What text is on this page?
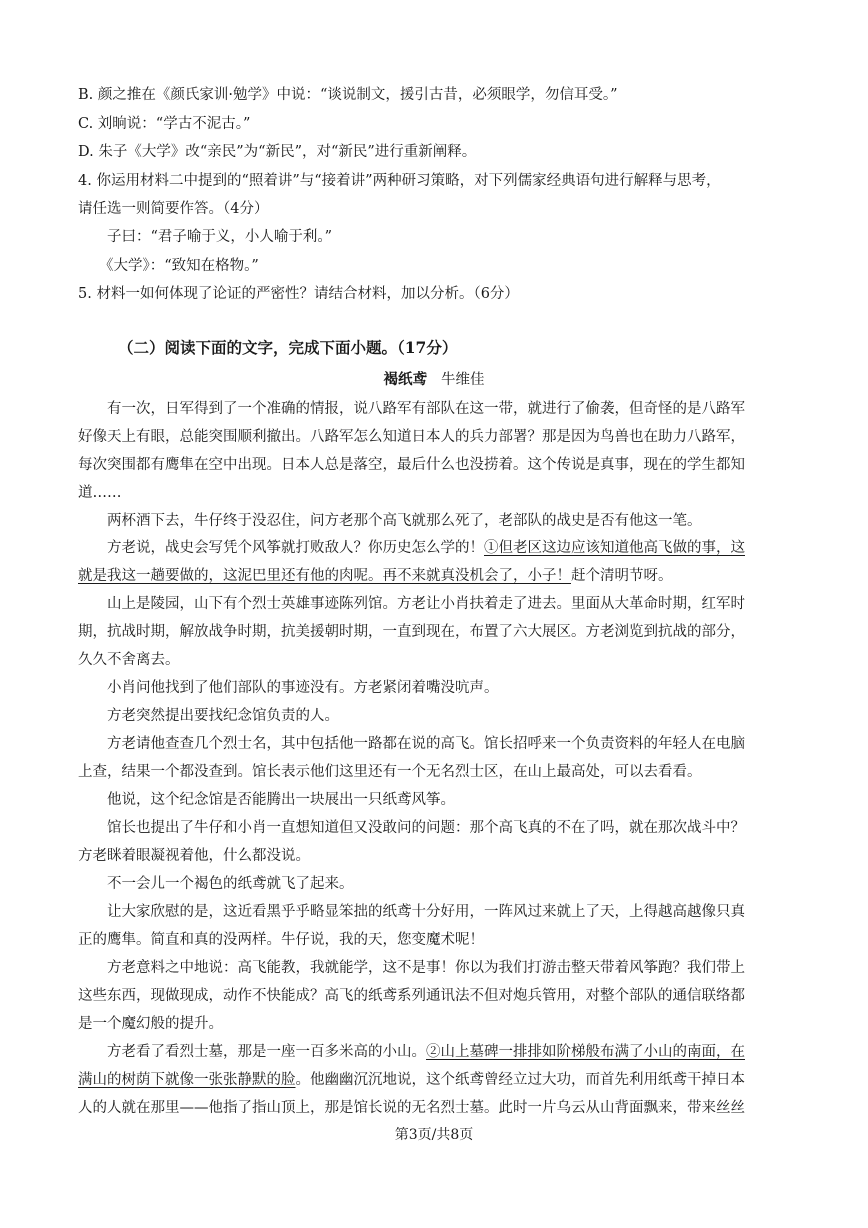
B. 颜之推在《颜氏家训·勉学》中说：“谈说制文，援引古昔，必须眼学，勿信耳受。”
C. 刘晌说：“学古不泥古。”
D. 朱子《大学》改“亲民”为“新民”，对“新民”进行重新阐释。
4. 你运用材料二中提到的“照着讲”与“接着讲”两种研习策略，对下列儒家经典语句进行解释与思考，
请任选一则简要作答。（4分）
子曰：“君子喻于义，小人喻于利。”
《大学》：“致知在格物。”
5. 材料一如何体现了论证的严密性？请结合材料，加以分析。（6分）
（二）阅读下面的文字，完成下面小题。（17分）
褐纸鸢 牛维佳
有一次，日军得到了一个准确的情报，说八路军有部队在这一带，就进行了偷袭，但奇怪的是八路军
好像天上有眼，总能突围顺利撤出。八路军怎么知道日本人的兵力部署？那是因为鸟兽也在助力八路军，
每次突围都有鹰隼在空中出现。日本人总是落空，最后什么也没捞着。这个传说是真事，现在的学生都知
道……
两杯酒下去，牛仔终于没忍住，问方老那个高飞就那么死了，老部队的战史是否有他这一笔。
方老说，战史会写凭个风筝就打败敌人？你历史怎么学的！①但老区这边应该知道他高飞做的事，这
就是我这一趟要做的，这泥巴里还有他的肉呢。再不来就真没机会了，小子！赶个清明节呀。
山上是陵园，山下有个烈士英雄事迹陈列馆。方老让小肖扶着走了进去。里面从大革命时期，红军时
期，抗战时期，解放战争时期，抗美援朝时期，一直到现在，布置了六大展区。方老浏览到抗战的部分，
久久不舍离去。
小肖问他找到了他们部队的事迹没有。方老紧闭着嘴没吭声。
方老突然提出要找纪念馆负责的人。
方老请他查查几个烈士名，其中包括他一路都在说的高飞。馆长招呼来一个负责资料的年轻人在电脑
上查，结果一个都没查到。馆长表示他们这里还有一个无名烈士区，在山上最高处，可以去看看。
他说，这个纪念馆是否能腾出一块展出一只纸鸢风筝。
馆长也提出了牛仔和小肖一直想知道但又没敢问的问题：那个高飞真的不在了吗，就在那次战斗中？
方老眯着眼凝视着他，什么都没说。
不一会儿一个褐色的纸鸢就飞了起来。
让大家欣慰的是，这近看黑乎乎略显笨拙的纸鸢十分好用，一阵风过来就上了天，上得越高越像只真
正的鹰隼。简直和真的没两样。牛仔说，我的天，您变魔术呢！
方老意料之中地说：高飞能教，我就能学，这不是事！你以为我们打游击整天带着风筝跑？我们带上
这些东西，现做现成，动作不快能成？高飞的纸鸢系列通讯法不但对炮兵管用，对整个部队的通信联络都
是一个魔幻般的提升。
方老看了看烈士墓，那是一座一百多米高的小山。②山上墓碑一排排如阶梯般布满了小山的南面，在
满山的树荫下就像一张张静默的脸。他幽幽沉沉地说，这个纸鸢曾经立过大功，而首先利用纸鸢干掉日本
人的人就在那里——他指了指山顶上，那是馆长说的无名烈士墓。此时一片乌云从山背面飘来，带来丝丝
第3页/共8页
